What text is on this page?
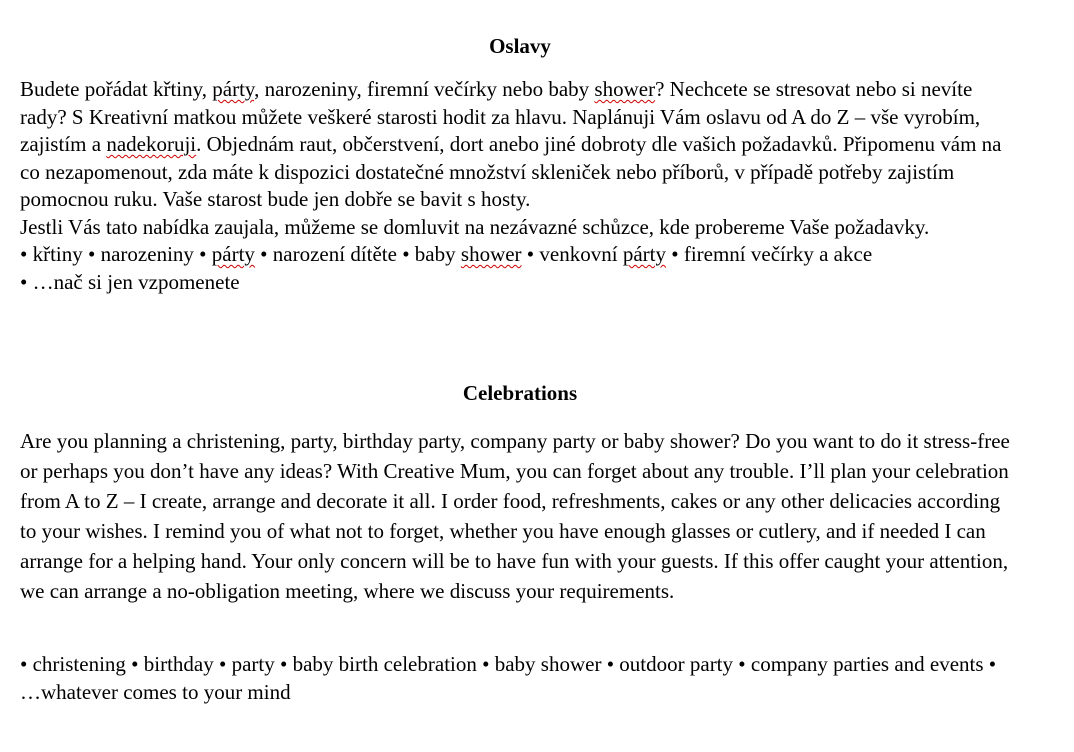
Oslavy

Budete pořádat křtiny, párty, narozeniny, firemní večírky nebo baby shower? Nechcete se stresovat nebo si nevíte rady? S Kreativní matkou můžete veškeré starosti hodit za hlavu. Naplánuji Vám oslavu od A do Z – vše vyrobím, zajistím a nadekoruji. Objednám raut, občerstvení, dort anebo jiné dobroty dle vašich požadavků. Připomenu vám na co nezapomenout, zda máte k dispozici dostatečné množství skleniček nebo příborů, v případě potřeby zajistím pomocnou ruku. Vaše starost bude jen dobře se bavit s hosty.

Jestli Vás tato nabídka zaujala, můžeme se domluvit na nezávazné schůzce, kde probereme Vaše požadavky.

• křtiny • narozeniny • párty • narození dítěte • baby shower • venkovní párty • firemní večírky a akce

• …nač si jen vzpomenete

Celebrations

Are you planning a christening, party, birthday party, company party or baby shower? Do you want to do it stress-free or perhaps you don’t have any ideas? With Creative Mum, you can forget about any trouble. I’ll plan your celebration from A to Z – I create, arrange and decorate it all. I order food, refreshments, cakes or any other delicacies according to your wishes. I remind you of what not to forget, whether you have enough glasses or cutlery, and if needed I can arrange for a helping hand. Your only concern will be to have fun with your guests. If this offer caught your attention, we can arrange a no-obligation meeting, where we discuss your requirements.

• christening • birthday • party • baby birth celebration • baby shower • outdoor party • company parties and events • …whatever comes to your mind
